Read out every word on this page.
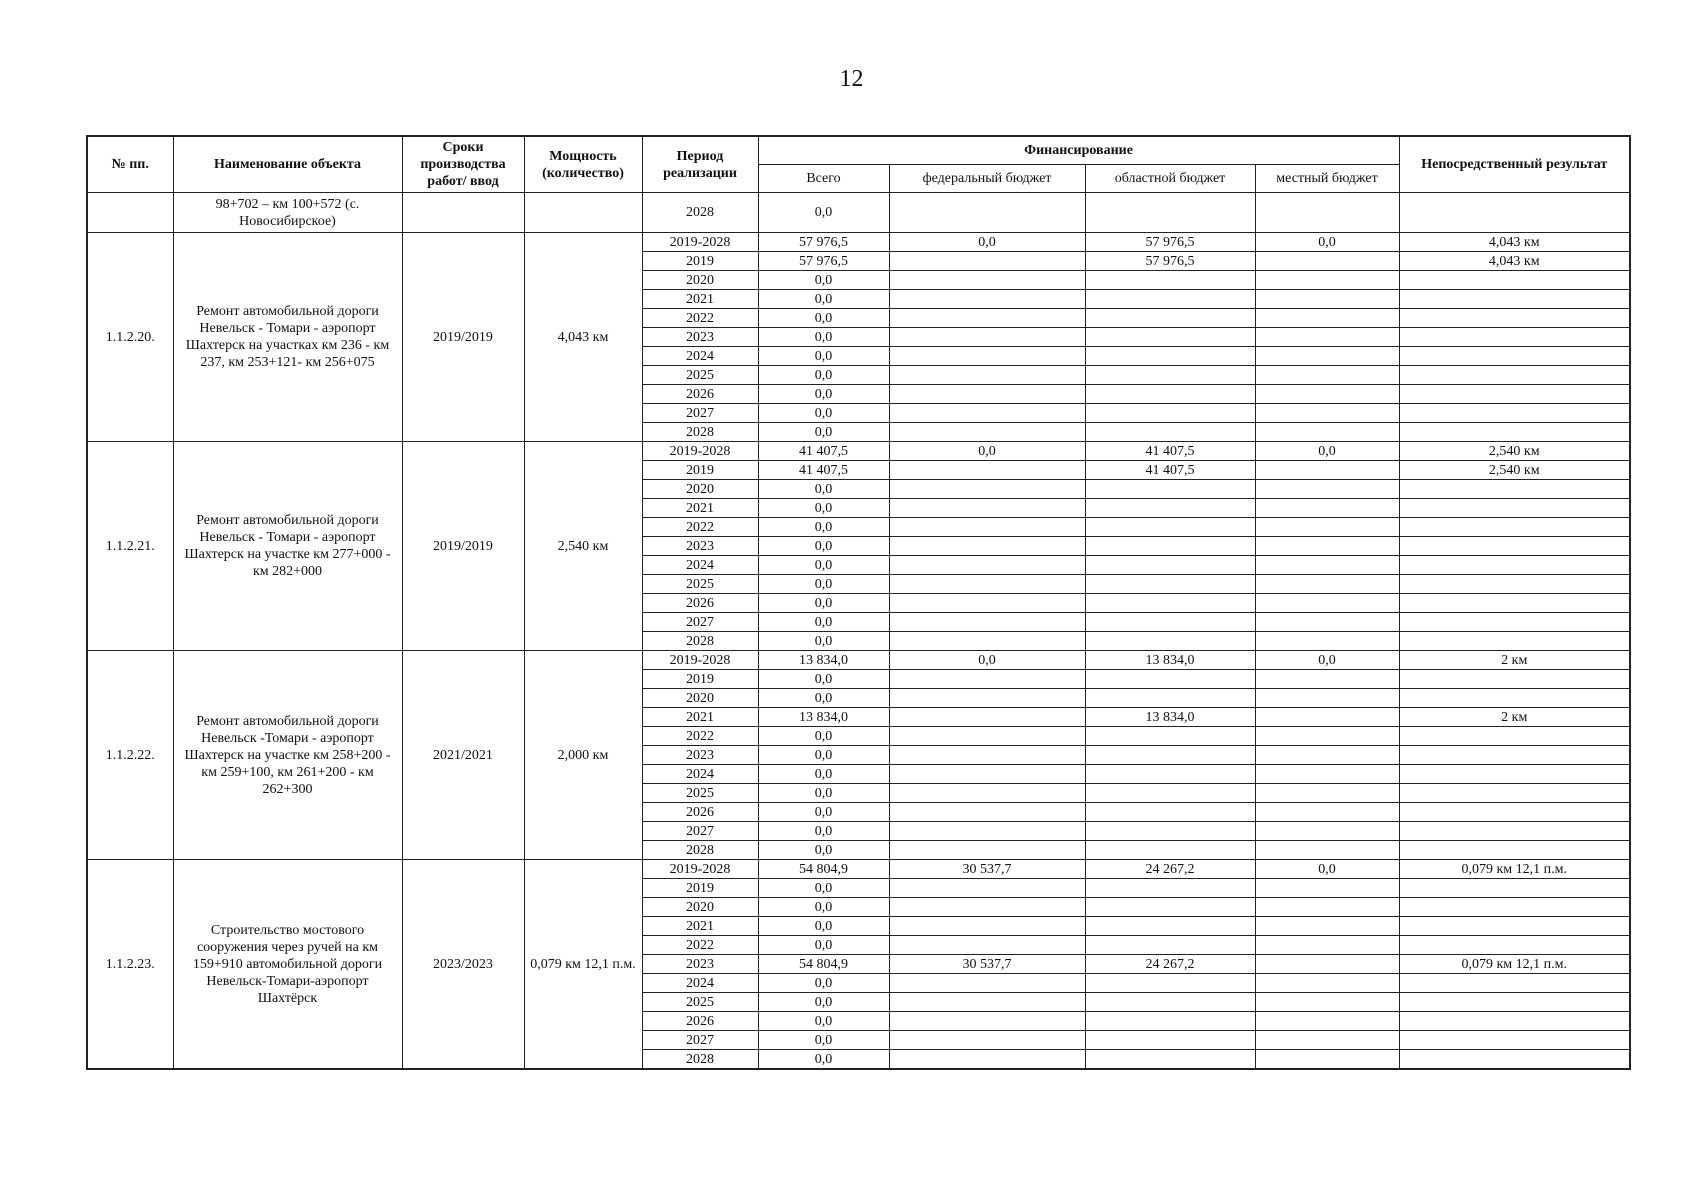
12
№ пп.	Наименование объекта	Сроки производства работ/ ввод	Мощность (количество)	Период реализации	Финансирование				Непосредственный результат
					Всего	федеральный бюджет	областной бюджет	местный бюджет	
	98+702 – км 100+572 (с. Новосибирское)			2028	0,0				
1.1.2.20.	Ремонт автомобильной дороги Невельск - Томари - аэропорт Шахтерск на участках км 236 - км 237, км 253+121- км 256+075	2019/2019	4,043 км	2019-2028	57 976,5	0,0	57 976,5	0,0	4,043 км
				2019	57 976,5		57 976,5		4,043 км
				2020	0,0				
				2021	0,0				
				2022	0,0				
				2023	0,0				
				2024	0,0				
				2025	0,0				
				2026	0,0				
				2027	0,0				
				2028	0,0				
1.1.2.21.	Ремонт автомобильной дороги Невельск - Томари - аэропорт Шахтерск на участке км 277+000 - км 282+000	2019/2019	2,540 км	2019-2028	41 407,5	0,0	41 407,5	0,0	2,540 км
				2019	41 407,5		41 407,5		2,540 км
				2020	0,0				
				2021	0,0				
				2022	0,0				
				2023	0,0				
				2024	0,0				
				2025	0,0				
				2026	0,0				
				2027	0,0				
				2028	0,0				
1.1.2.22.	Ремонт автомобильной дороги Невельск -Томари - аэропорт Шахтерск на участке км 258+200 - км 259+100, км 261+200 - км 262+300	2021/2021	2,000 км	2019-2028	13 834,0	0,0	13 834,0	0,0	2 км
				2019	0,0				
				2020	0,0				
				2021	13 834,0		13 834,0		2 км
				2022	0,0				
				2023	0,0				
				2024	0,0				
				2025	0,0				
				2026	0,0				
				2027	0,0				
				2028	0,0				
1.1.2.23.	Строительство мостового сооружения через ручей на км 159+910 автомобильной дороги Невельск-Томари-аэропорт Шахтёрск	2023/2023	0,079 км 12,1 п.м.	2019-2028	54 804,9	30 537,7	24 267,2	0,0	0,079 км 12,1 п.м.
				2019	0,0				
				2020	0,0				
				2021	0,0				
				2022	0,0				
				2023	54 804,9	30 537,7	24 267,2		0,079 км 12,1 п.м.
				2024	0,0				
				2025	0,0				
				2026	0,0				
				2027	0,0				
				2028	0,0				
